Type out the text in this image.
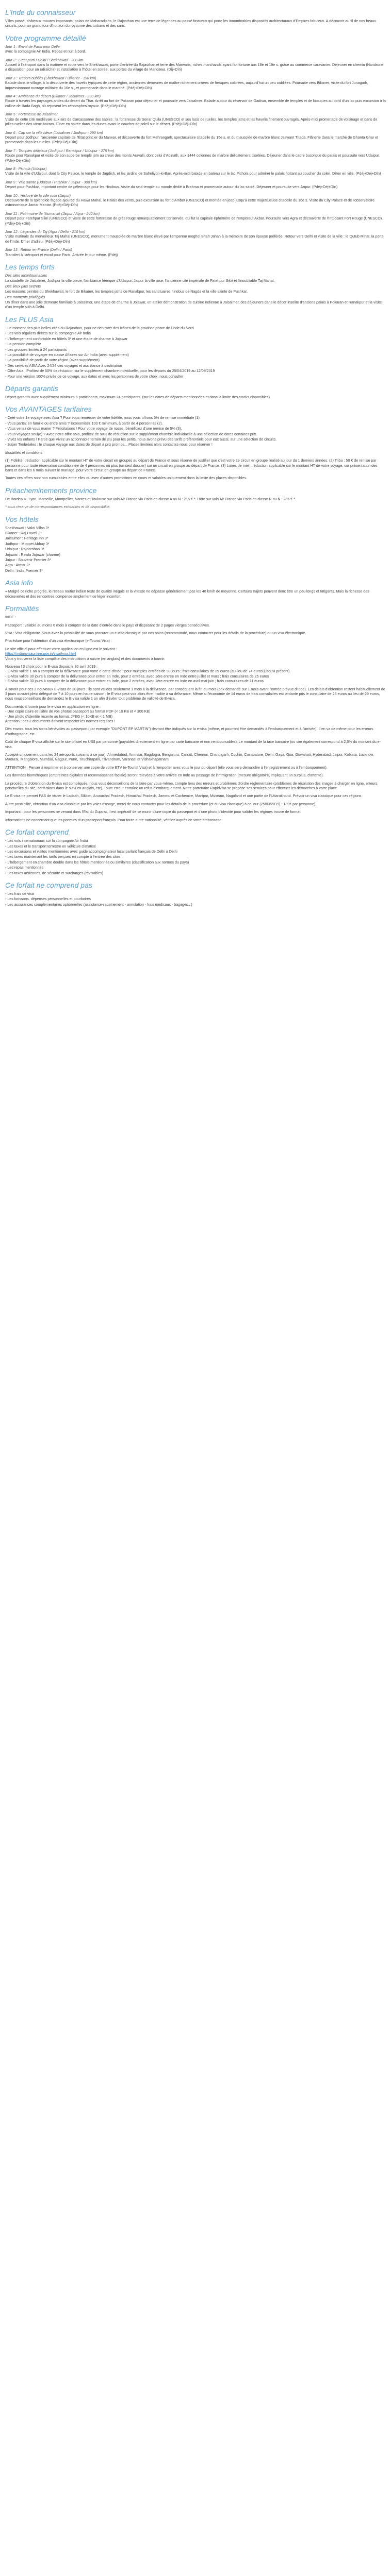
L'Inde du connaisseur

Villes passé, châteaux-maures imposants, palais de Maharadjahs, le Rajasthan est une terre de légendes au passé fastueux qui porte les innombrables dispositifs architecturaux d'Empires fabuleux. A découvrir au fil de nos beaux circuits, pour un grand tour d'horizon du royaume des turbans et des saris.

Votre programme détaillé
Jour 1 : Envol de Paris pour Delhi
avec la compagnie Air India. Repas et nuit à bord.
Jour 2 : C'est parti ! Delhi / Shekhawati - 300 km
Accueil à l'aéroport dans la matinée et route vers le Shekhawati, porte d'entrée du Rajasthan et terre des Marwaris, riches marchands ayant fait fortune aux 18e et 19e s. grâce au commerce caravanier. Déjeuner en chemin (Nandrone à disposition pour un rafraîchir) et installation à l'hôtel en soirée, aux portes du village de Mandawa. (Dîj+Dîn)
Jour 3 : Trésors oubliés (Shekhawati / Bikaner - 190 km)
Balade dans le village, à la découverte des havelis typiques de cette région, anciennes demeures de maître richement ornées de fresques colorées, aujourd'hui un peu oubliées. Poursuite vers Bikaner, visite du fort Junagarh, impressionnant ouvrage militaire du 16e s., et promenade dans le marché. (Pdéj+Déj+Dîn)
Jour 4 : Ambiance du désert (Bikaner / Jaisalmer - 330 km)
Route à travers les paysages arides du désert du Thar. Arrêt au fort de Pokaran pour déjeuner et poursuite vers Jaisalmer. Balade autour du réservoir de Gadisar, ensemble de temples et de kiosques au bord d'un lac puis excursion à la colline de Bada Bagh, où reposent les cénotaphes royaux. (Pdéj+Déj+Dîn)
Jour 5 : Forteresse de Jaisalmer
Visite de cette cité médiévale aux airs de Carcassonne des sables : la forteresse de Sonar Quila (UNESCO) et ses lacis de ruelles, les temples jaïns et les havelis finement ouvragés. Après-midi promenade de voisinage et dans de jolies ruelles des vieux bazars. Dîner en soirée dans les dunes avant le coucher de soleil sur le désert. (Pdéj+Déj+Dîn)
Jour 6 : Cap sur la ville bleue (Jaisalmer / Jodhpur - 290 km)
Départ pour Jodhpur, l'ancienne capitale de l'État princier du Marwar, et découverte du fort Mehrangarh, spectaculaire citadelle du 15e s. et du mausolée de marbre blanc Jaswant Thada. Flânerie dans le marché de Ghanta Ghar et promenade dans les ruelles. (Pdéj+Déj+Dîn)
Jour 7 : Temples délicieux (Jodhpur / Ranakpur / Udaipur - 275 km)
Route pour Ranakpur et visite de son superbe temple jaïn au creux des monts Aravalli, dont celui d'Adinath, aux 1444 colonnes de marbre délicatement ciselées. Déjeuner dans le cadre bucolique du palais et poursuite vers Udaipur. (Pdéj+Déj+Dîn)
Jour 8 : Pichola (Udaipur)
Visite de la ville d'Udaipur, dont le City Palace, le temple de Jagdish, et les jardins de Saheliyon-ki-Bari. Après-midi balade en bateau sur le lac Pichola pour admirer le palais flottant au coucher du soleil. Dîner en ville. (Pdéj+Déj+Dîn)
Jour 9 : Ville sainte (Udaipur / Pushkar / Jaipur - 300 km)
Départ pour Pushkar, important centre de pèlerinage pour les Hindous. Visite du seul temple au monde dédié à Brahma et promenade autour du lac sacré. Déjeuner et poursuite vers Jaipur. (Pdéj+Déj+Dîn)
Jour 10 : Histoire de la ville rose (Jaipur)
Découverte de la splendide façade ajourée du Hawa Mahal, le Palais des vents, puis excursion au fort d'Amber (UNESCO) et montée en jeep jusqu'à cette majestueuse citadelle du 16e s. Visite du City Palace et de l'observatoire astronomique Jantar Mantar. (Pdéj+Déj+Dîn)
Jour 11 : Patrimoine de l'humanité (Jaipur / Agra - 240 km)
Départ pour Fatehpur Sikri (UNESCO) et visite de cette forteresse de grès rouge remarquablement conservée, qui fut la capitale éphémère de l'empereur Akbar. Poursuite vers Agra et découverte de l'imposant Fort Rouge (UNESCO). (Pdéj+Déj+Dîn)
Jour 12 : Légendes du Taj (Agra / Delhi - 210 km)
Visite matinale du merveilleux Taj Mahal (UNESCO), monument mausolée de marbre blanc élevé par l'empereur moghol Shah Jahan à la mémoire de son épouse préférée. Retour vers Delhi et visite de la ville : le Qutub Minar, la porte de l'Inde. Dîner d'adieu. (Pdéj+Déj+Dîn)
Jour 13 : Retour en France (Delhi / Paris)
Transfert à l'aéroport et envol pour Paris. Arrivée le jour même. (Pdéj)
Les temps forts
Des sites incontournables
La citadelle de Jaisalmer, Jodhpur la ville bleue, l'ambiance féerique d'Udaipur, Jaipur la ville rose, l'ancienne cité impériale de Fatehpur Sikri et l'inoubliable Taj Mahal.
Des lieux plus secrets
Les maisons peintes du Shekhawati, le fort de Bikaner, les temples jaïns de Ranakpur, les sanctuaires hindous de Nagda et la ville sainte de Pushkar.
Des moments privilégiés
Un dîner dans une jolie demeure familiale à Jaisalmer, une étape de charme à Jojawar, un atelier démonstration de cuisine indienne à Jaisalmer, des déjeuners dans le décor insolite d'anciens palais à Pokaran et Ranakpur et la visite d'un temple sikh à Delhi.
Les PLUS Asia
- Le moment des plus belles cités du Rajasthan, pour ne rien rater des icônes de la province phare de l'Inde du Nord
- Les vols réguliers directs sur la compagnie Air India
- L'hébergement confortable en hôtels 3* et une étape de charme à Jojawar
- La pension complète
- Les groupes limités à 24 participants
- La possibilité de voyager en classe Affaires sur Air India (avec supplément)
- La possibilité de partir de votre région (avec supplément)
- Des services ASIA Avec 24/24 des voyages et assistance à destination
- Offre Asia : Profitez de 50% de réduction sur le supplément chambre individuelle, pour les départs du 25/04/2019 au 12/09/2019
- Pour une version 100% privée de ce voyage, aux dates et avec les personnes de votre choix, nous consulter
Départs garantis

Départ garantis avec supplément minimum 6 participants, maximum 24 participants. (sur les dates de départs mentionnées et dans la limite des stocks disponibles)

Vos AVANTAGES tarifaires
- Créé votre 1e voyage avec Asia ? Pour vous remercier de votre fidélité, nous vous offrons 5% de remise immédiate (1).
- Vous partez en famille ou entre amis ? Économisez 100 € minimum, à partir de 4 personnes (2).
- Vous venez de vous marier ? Félicitations ! Pour votre voyage de noces, bénéficiez d'une remise de 5% (3).
- Vous voyagez seul(e) ? Avec notre offre solo, profitez de 50% de réduction sur le supplément chambre individuelle à une sélection de dates certaines prix.
- Vivez les enfants ! Parce que Vivez un actionnable terrain de jeu pour les petits, nous avons prévu des tarifs préférentiels pour eux aussi, sur une sélection de circuits.
- Super Timbréales : le chaque voyage aux dates de départ à prix promos... Places limitées alors contactez-nous pour réserver !

Modalités et conditions

(1) Fidélité : réduction applicable sur le montant HT de votre circuit en groupes au départ de France et sous réserve de justifier que c'est votre 2e circuit en groupe réalisé au jour du 1 derniers années. (2) Tribu : 50 € de remise par personne pour toute réservation conditionnée de 4 personnes ou plus (un seul dossier) sur un circuit en groupe au départ de France. (3) Lunes de miel : réduction applicable sur le montant HT de votre voyage, sur présentation des bans et dans les 6 mois suivant le mariage, pour votre circuit en groupe au départ de France.

Toutes ces offres sont non cumulables entre elles ou avec d'autres promotions en cours et valables uniquement dans la limite des places disponibles.

Préacheminements province

De Bordeaux, Lyon, Marseille, Montpellier, Nantes et Toulouse sur vols Air France via Paris en classe A ou N : 215 € *. Hôte sur vols Air France via Paris en classe R ou N : 285 € *.

* sous réserve de correspondances existantes et de disponibilité.

Vos hôtels
Shekhawati : Vakti Villas 3*
Bikaner : Raj Haveli 3*
Jaisalmer : Heritage Inn 3*
Jodhpur : Moppet Abhay 3*
Udaipur : Rajdarshan 3*
Jojawar : Rawla Jojawar (charme)
Jaipur : Souvenir Premier 3*
Agra : Atmar 3*
Delhi : India Premier 3*
Asia info

« Malgré ce riche progrès, le réseau routier indien reste de qualité inégale et la vitesse ne dépasse généralement pas les 40 km/h de moyenne. Certains trajets peuvent donc être un peu longs et fatigants. Mais la richesse des découvertes et des rencontres compense amplement ce léger inconfort.

Formalités

INDE :

Passeport : valable au moins 6 mois à compter de la date d'entrée dans le pays et disposant de 2 pages vierges consécutives.

Visa : Visa obligatoire. Vous avez la possibilité de vous procurer un e-visa classique par nos soins (recommandé, nous contacter pour les détails de la procédure) ou un visa électronique.

Procédure pour l'obtention d'un visa électronique (e-Tourist Visa) :

Le site officiel pour effectuer votre application en ligne est le suivant :

https://indianvisaonline.gov.in/visa/tvoa.html

Vous y trouverez la liste complète des instructions à suivre (en anglais) et des documents à fournir.

Nouveau ! 3 choix pour le E-visa depuis le 30 avril 2019 :

- E-Visa valide 1 an à compter de la délivrance pour votre e-carte d'indo ; pour multiples entrées de 90 jours ; frais consulaires de 29 euros (au lieu de 74 euros jusqu'à présent)

- E-Visa valide 30 jours à compter de la délivrance pour entrer en Inde, pour 2 entrées, avec 1ère entrée en Inde entre juillet et mars ; frais consulaires de 25 euros

- E-Visa valide 30 jours à compter de la délivrance pour entrer en Inde, pour 2 entrées, avec 1ère entrée en Inde en avril-mai-juin ; frais consulaires de 11 euros

A savoir pour ces 2 nouveaux E-visas de 30 jours : ils sont valides seulement 1 mois à la délivrance, par conséquent la fin du mois (prix demandé sur 1 mois avant l'entrée prévue d'Inde). Les délais d'obtention restent habituellement de 3 jours ouvrant plein délégué de 7 à 10 jours en haute saison ; le E-visa peut voir alors être insolite à sa délivrance. Même si l'économie de 14 euros de frais consulaires est tentante pris le consulaire de 25 euros au lieu de 29 euros, nous vous conseillons de demandez le E-visa valide 1 an afin d'éviter tout problème de validité de E-visa.

Documents à fournir pour le e-visa en application en ligne :

- Une copie claire et lisible de vos photos passeport au format PDF (< 10 KB et < 300 KB)

- Une photo d'identité récente au format JPEG (< 10KB et < 1 MB)

Attention : ces 2 documents doivent respecter les normes requises !

Dès envois, tous les soins bénévoles au passeport (par exemple "DUPONT EP MARTIN") devront être indiqués sur la e-visa (même, et pourront être demandés à l'embarquement et à l'arrivée). Il en va de même pour les erreurs d'orthographe, etc.

Coût de chaque E-visa affiché sur le site officiel en US$ par personne (payables directement en ligne par carte bancaire et non remboursables). Le montant de la taxe bancaire (ou vire également correspond à 2,5% du montant du e-visa.

Accepté uniquement dans les 24 aéroports suivants à ce jour): Ahmedabad, Amritsar, Bagdogra, Bengaluru, Calicut, Chennai, Chandigarh, Cochin, Coimbatore, Delhi, Gaya, Goa, Guwahati, Hyderabad, Jaipur, Kolkata, Lucknow, Madurai, Mangalore, Mumbai, Nagpur, Pune, Tiruchirapalli, Trivandrum, Varanasi et Vishakhapatnam.

ATTENTION : Penser à imprimer et à conserver une copie de votre ETV (e-Tourist Visa) et à l'emporter avec vous le jour du départ (elle vous sera demandée à l'enregistrement ou à l'embarquement).

Les données biométriques (empreintes digitales et reconnaissance faciale) seront relevées à votre arrivée en Inde au passage de l'immigration (mesure obligatoire, impliquant un surplus, d'attente).

La procédure d'obtention du E-visa est compliquée, nous vous déconseillons de la faire par vous-même, compte tenu des erreurs et problèmes d'ordre réglementaire (problèmes de résolution des images à charger en ligne, erreurs ponctuelles du site, confusions dans le suivi en anglais, etc). Toute erreur entraîne un refus d'embarquement. Notre partenaire Rapidvisa se propose ses services pour effectuer les démarches à votre place.

Le E-visa ne permet PAS de visiter le Ladakh, Sikkim, Arunachal Pradesh, Himachal Pradesh, Jammu et Cachemire, Manipur, Mizoram, Nagaland et une partie de l'Uttarakhand. Prévoir un visa classique pour ces régions.

Autre possibilité, obtention d'un visa classique par les voies d'usage, merci de nous contacter pour les détails de la procédure (et du visa classique) à ce jour (25/03/2019) : 139€ par personne).

Important : pour les personnes ne venant dans l'Est du Gujarat, il est impératif de se munir d'une copie du passeport et d'une photo d'identité pour valider les régimes trouve de format.

Informations ne concernant que les porteurs d'un passeport français. Pour toute autre nationalité, vérifiez auprès de votre ambassade.

Ce forfait comprend
- Les vols internationaux sur la compagnie Air India
- Les taxes et le transport terrestre en véhicule climatisé
- Les excursions et visites mentionnées avec guide accompagnateur local parlant français de Delhi à Delhi
- Les taxes maintenant les tarifs perçues en compte à l'entrée des sites
- L'hébergement en chambre double dans les hôtels mentionnés ou similaires (classification aux normes du pays)
- Les repas mentionnés
- Les taxes aériennes, de sécurité et surcharges (révisables)
Ce forfait ne comprend pas
- Les frais de visa
- Les boissons, dépenses personnelles et pourboires
- Les assurances complémentaires optionnelles (assistance-rapatriement - annulation - frais médicaux - bagages...)
